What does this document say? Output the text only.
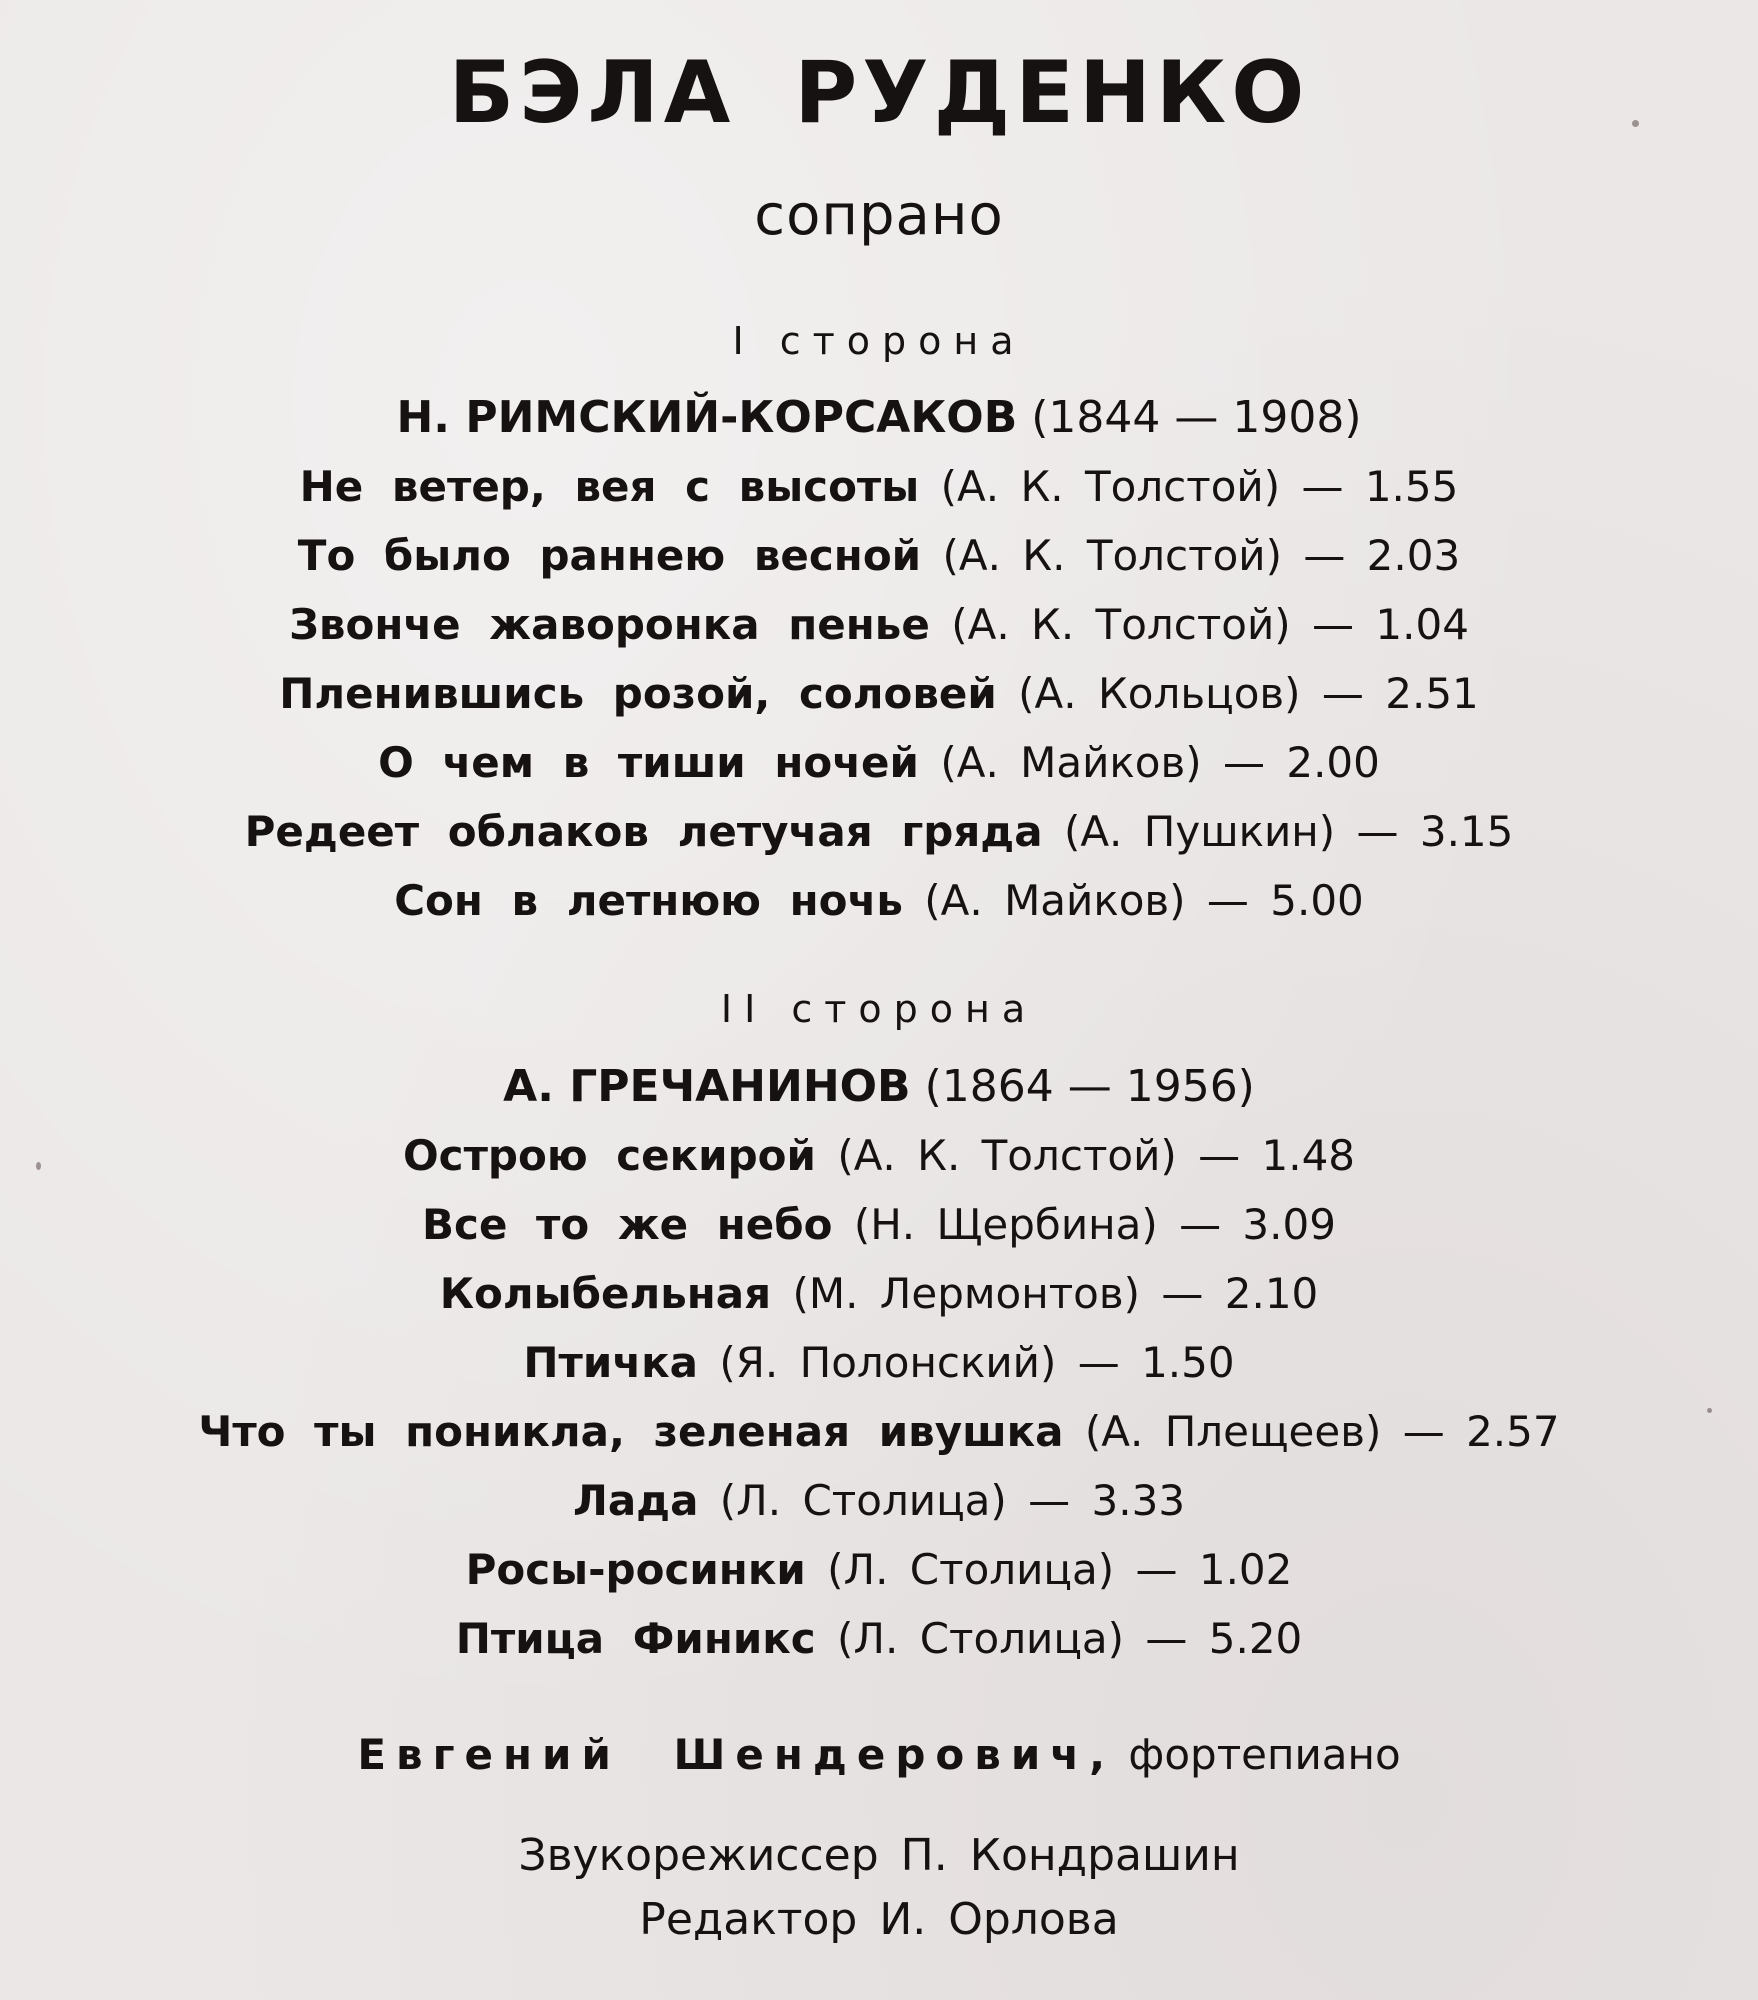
БЭЛА РУДЕНКО
сопрано
I сторона
Н. РИМСКИЙ-КОРСАКОВ (1844 — 1908)
Не ветер, вея с высоты (А. К. Толстой) — 1.55
То было раннею весной (А. К. Толстой) — 2.03
Звонче жаворонка пенье (А. К. Толстой) — 1.04
Пленившись розой, соловей (А. Кольцов) — 2.51
О чем в тиши ночей (А. Майков) — 2.00
Редеет облаков летучая гряда (А. Пушкин) — 3.15
Сон в летнюю ночь (А. Майков) — 5.00
II сторона
А. ГРЕЧАНИНОВ (1864 — 1956)
Острою секирой (А. К. Толстой) — 1.48
Все то же небо (Н. Щербина) — 3.09
Колыбельная (М. Лермонтов) — 2.10
Птичка (Я. Полонский) — 1.50
Что ты поникла, зеленая ивушка (А. Плещеев) — 2.57
Лада (Л. Столица) — 3.33
Росы-росинки (Л. Столица) — 1.02
Птица Финикс (Л. Столица) — 5.20
Евгений Шендерович, фортепиано
Звукорежиссер П. Кондрашин
Редактор И. Орлова
